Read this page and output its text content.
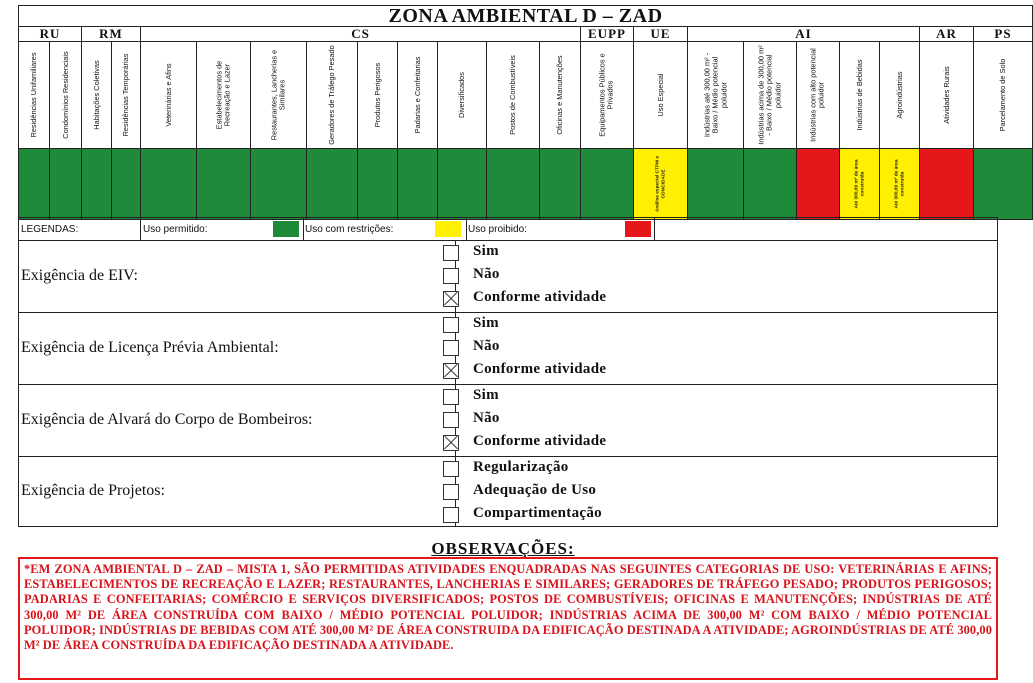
ZONA AMBIENTAL D – ZAD																					
RU		RM		CS									EUPP	UE	AI					AR	PS

Residências Unifamiliares	Condomínios Residenciais	Habitações Coletivas	Residências Temporárias	Veterinárias e Afins	Estabelecimentos de Recreação e Lazer	Restaurantes, Lancherias e Similares	Geradores de Tráfego Pesado	Produtos Perigosos	Padarias e Confeitarias	Diversificados	Postos de Combustíveis	Oficinas e Manutenções	Equipamentos Públicos e Privados	Uso Especial	Indústrias até 300,00 m² - Baixo / Médio potencial poluidor	Indústrias acima de 300,00 m² - Baixo / Médio potencial poluidor	Indústrias com alto potencial poluidor	Indústrias de Bebidas	Agroindústrias	Atividades Rurais	Parcelamento de Solo

														Análise especial CTPM e CONCIDADE				Até 300,00 m² de área construída	Até 300,00 m² de área construída		

LEGENDAS:	Uso permitido:	Uso com restrições:	Uso proibido:
Exigência de EIV:
Sim
Não
Conforme atividade
Exigência de Licença Prévia Ambiental:
Sim
Não
Conforme atividade
Exigência de Alvará do Corpo de Bombeiros:
Sim
Não
Conforme atividade
Exigência de Projetos:
Regularização
Adequação de Uso
Compartimentação
OBSERVAÇÕES:
*EM ZONA AMBIENTAL D – ZAD – MISTA 1, SÃO PERMITIDAS ATIVIDADES ENQUADRADAS NAS SEGUINTES CATEGORIAS DE USO: VETERINÁRIAS E AFINS; ESTABELECIMENTOS DE RECREAÇÃO E LAZER; RESTAURANTES, LANCHERIAS E SIMILARES; GERADORES DE TRÁFEGO PESADO; PRODUTOS PERIGOSOS; PADARIAS E CONFEITARIAS; COMÉRCIO E SERVIÇOS DIVERSIFICADOS; POSTOS DE COMBUSTÍVEIS; OFICINAS E MANUTENÇÕES; INDÚSTRIAS DE ATÉ 300,00 M² DE ÁREA CONSTRUÍDA COM BAIXO / MÉDIO POTENCIAL POLUIDOR; INDÚSTRIAS ACIMA DE 300,00 M² COM BAIXO / MÉDIO POTENCIAL POLUIDOR; INDÚSTRIAS DE BEBIDAS COM ATÉ 300,00 M² DE ÁREA CONSTRUIDA DA EDIFICAÇÃO DESTINADA A ATIVIDADE; AGROINDÚSTRIAS DE ATÉ 300,00 M² DE ÁREA CONSTRUÍDA DA EDIFICAÇÃO DESTINADA A ATIVIDADE.
